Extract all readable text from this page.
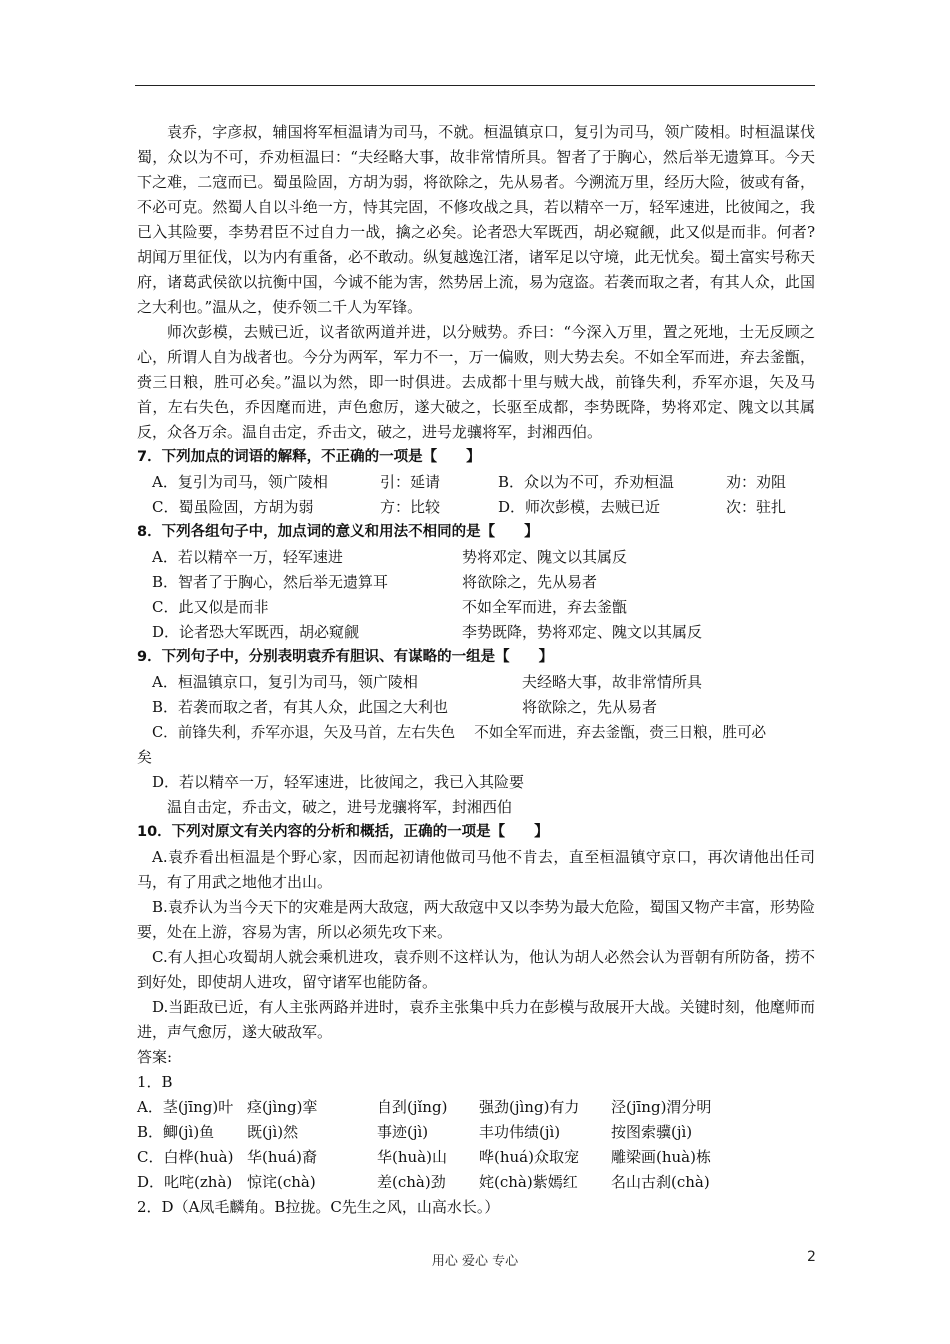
袁乔，字彦叔，辅国将军桓温请为司马，不就。桓温镇京口，复引为司马，领广陵相。时桓温谋伐蜀，众以为不可，乔劝桓温曰：“夫经略大事，故非常情所具。智者了于胸心，然后举无遗算耳。今天下之难，二寇而已。蜀虽险固，方胡为弱，将欲除之，先从易者。今溯流万里，经历大险，彼或有备，不必可克。然蜀人自以斗绝一方，恃其完固，不修攻战之具，若以精卒一万，轻军速进，比彼闻之，我已入其险要，李势君臣不过自力一战，擒之必矣。论者恐大军既西，胡必窥觎，此又似是而非。何者?胡闻万里征伐，以为内有重备，必不敢动。纵复越逸江渚，诸军足以守境，此无忧矣。蜀土富实号称天府，诸葛武侯欲以抗衡中国，今诚不能为害，然势居上流，易为寇盗。若袭而取之者，有其人众，此国之大利也。”温从之，使乔领二千人为军锋。

师次彭模，去贼已近，议者欲两道并进，以分贼势。乔曰：“今深入万里，置之死地，士无反顾之心，所谓人自为战者也。今分为两军，军力不一，万一偏败，则大势去矣。不如全军而进，弃去釜甑，赍三日粮，胜可必矣。”温以为然，即一时俱进。去成都十里与贼大战，前锋失利，乔军亦退，矢及马首，左右失色，乔因麾而进，声色愈厉，遂大破之，长驱至成都，李势既降，势将邓定、隗文以其属反，众各万余。温自击定，乔击文，破之，进号龙骧将军，封湘西伯。

7．下列加点的词语的解释，不正确的一项是【　　】

A．复引为司马，领广陵相	引：延请	B．众以为不可，乔劝桓温	劝：劝阻
C．蜀虽险固，方胡为弱	方：比较	D．师次彭模，去贼已近	次：驻扎

8．下列各组句子中，加点词的意义和用法不相同的是【　　】

A．若以精卒一万，轻军速进	势将邓定、隗文以其属反
B．智者了于胸心，然后举无遗算耳	将欲除之，先从易者
C．此又似是而非	不如全军而进，弃去釜甑
D．论者恐大军既西，胡必窥觎	李势既降，势将邓定、隗文以其属反

9．下列句子中，分别表明袁乔有胆识、有谋略的一组是【　　】

A．桓温镇京口，复引为司马，领广陵相	夫经略大事，故非常情所具
B．若袭而取之者，有其人众，此国之大利也	将欲除之，先从易者

C．前锋失利，乔军亦退，矢及马首，左右失色　 不如全军而进，弃去釜甑，赍三日粮，胜可必

矣

D．若以精卒一万，轻军速进，比彼闻之，我已入其险要

温自击定，乔击文，破之，进号龙骧将军，封湘西伯

10．下列对原文有关内容的分析和概括，正确的一项是【　　】

A.袁乔看出桓温是个野心家，因而起初请他做司马他不肯去，直至桓温镇守京口，再次请他出任司马，有了用武之地他才出山。

B.袁乔认为当今天下的灾难是两大敌寇，两大敌寇中又以李势为最大危险，蜀国又物产丰富，形势险要，处在上游，容易为害，所以必须先攻下来。

C.有人担心攻蜀胡人就会乘机进攻，袁乔则不这样认为，他认为胡人必然会认为晋朝有所防备，捞不到好处，即使胡人进攻，留守诸军也能防备。

D.当距敌已近，有人主张两路并进时，袁乔主张集中兵力在彭模与敌展开大战。关键时刻，他麾师而进，声气愈厉，遂大破敌军。

答案:

1．B

A．茎(jīng)叶 痉(jìng)挛	自刭(jǐng)	强劲(jìng)有力	泾(jīng)渭分明
B．鲫(jì)鱼	既(jì)然	事迹(jì)	丰功伟绩(jì)	按图索骥(jì)
C．白桦(huà) 华(huá)裔	华(huà)山	哗(huá)众取宠	雕梁画(huà)栋
D．叱咤(zhà) 惊诧(chà)	差(chà)劲	姹(chà)紫嫣红	名山古刹(chà)

2．D（A凤毛麟角。B拉拢。C先生之风，山高水长。）

用心 爱心 专心	2
